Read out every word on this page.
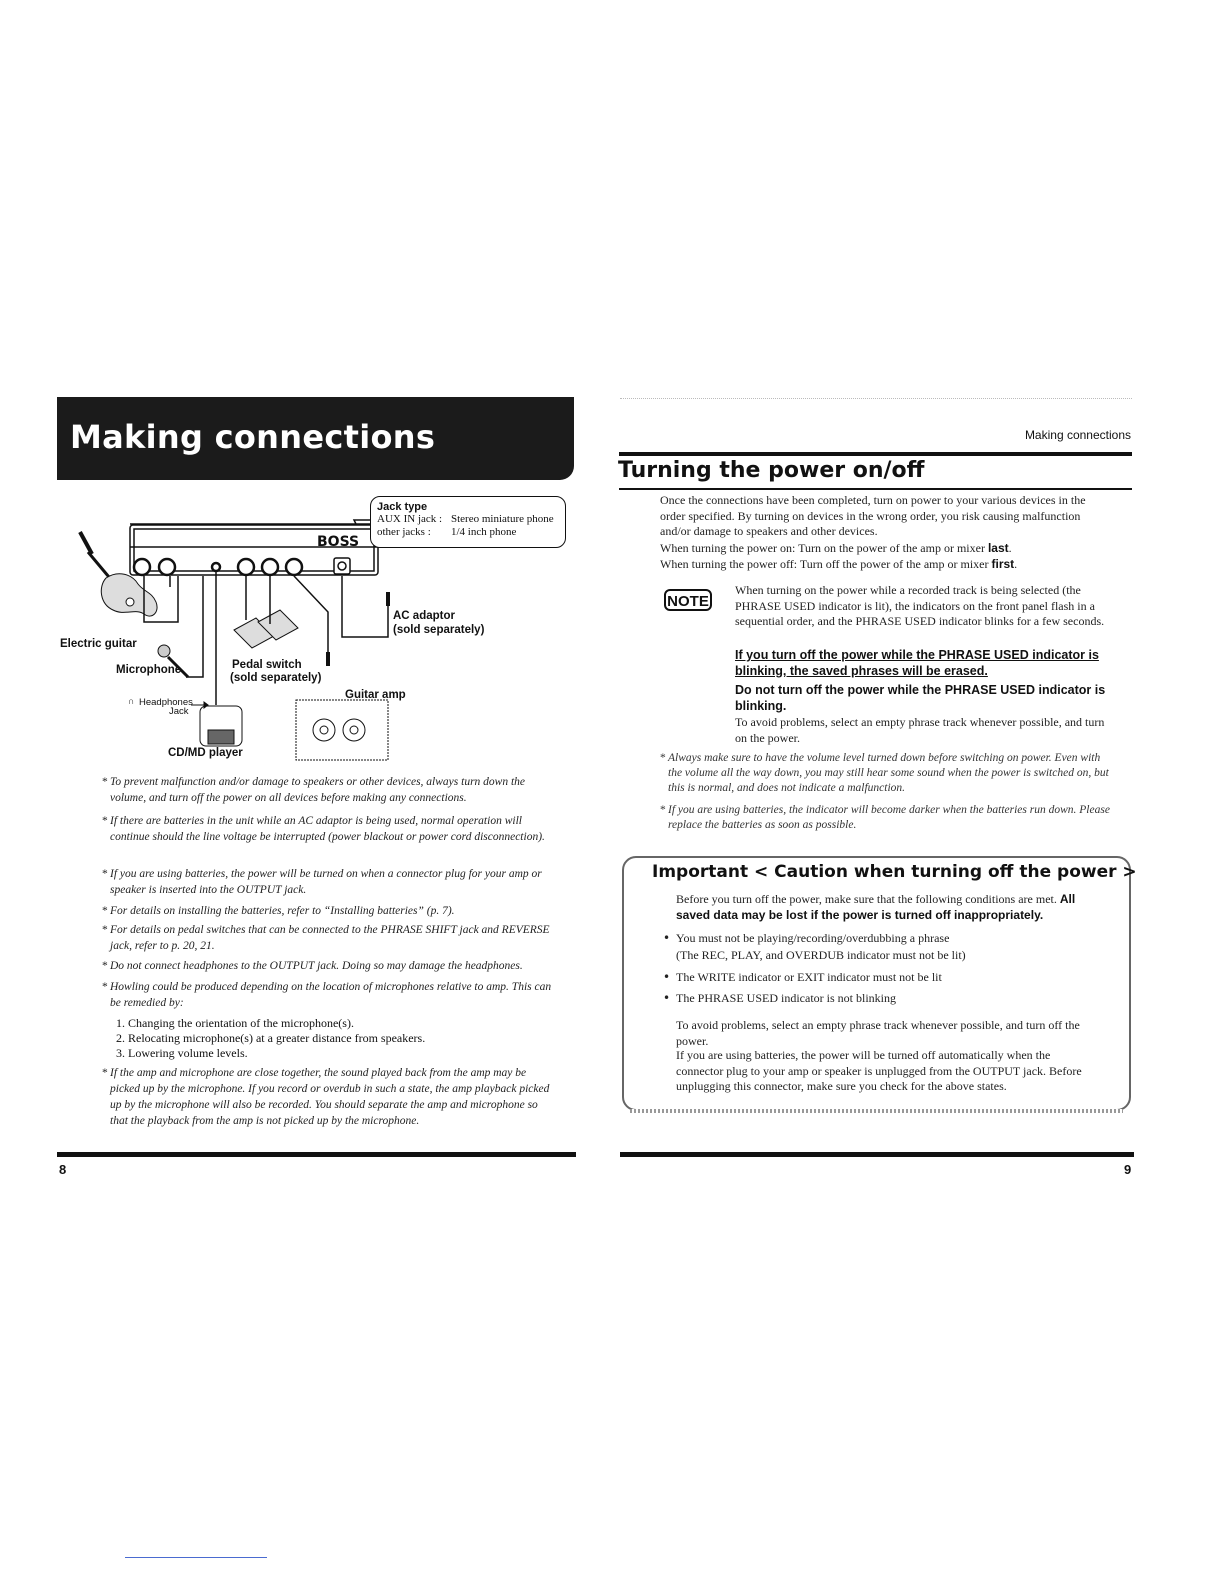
Making connections
BOSS
Jack type
AUX IN jack : Stereo miniature phone
other jacks :	1/4 inch phone
Electric guitar
Microphone	Pedal switch
(sold separately)
AC adaptor
(sold separately)
Guitar amp
∩ Headphones
Jack
CD/MD player
* To prevent malfunction and/or damage to speakers or other devices, always turn down the volume, and turn off the power on all devices before making any connections.
* If there are batteries in the unit while an AC adaptor is being used, normal operation will continue should the line voltage be interrupted (power blackout or power cord disconnection).
* If you are using batteries, the power will be turned on when a connector plug for your amp or speaker is inserted into the OUTPUT jack.
* For details on installing the batteries, refer to “Installing batteries” (p. 7).
* For details on pedal switches that can be connected to the PHRASE SHIFT jack and REVERSE jack, refer to p. 20, 21.
* Do not connect headphones to the OUTPUT jack. Doing so may damage the headphones.
* Howling could be produced depending on the location of microphones relative to amp. This can be remedied by:
1. Changing the orientation of the microphone(s).
2. Relocating microphone(s) at a greater distance from speakers.
3. Lowering volume levels.
* If the amp and microphone are close together, the sound played back from the amp may be picked up by the microphone. If you record or overdub in such a state, the amp playback picked up by the microphone will also be recorded. You should separate the amp and microphone so that the playback from the amp is not picked up by the microphone.
8
Making connections
Turning the power on/off
Once the connections have been completed, turn on power to your various devices in the order specified. By turning on devices in the wrong order, you risk causing malfunction and/or damage to speakers and other devices.
When turning the power on: Turn on the power of the amp or mixer last.
When turning the power off: Turn off the power of the amp or mixer first.
NOTE
When turning on the power while a recorded track is being selected (the PHRASE USED indicator is lit), the indicators on the front panel flash in a sequential order, and the PHRASE USED indicator blinks for a few seconds.
If you turn off the power while the PHRASE USED indicator is blinking, the saved phrases will be erased.
Do not turn off the power while the PHRASE USED indicator is blinking.
To avoid problems, select an empty phrase track whenever possible, and turn on the power.
* Always make sure to have the volume level turned down before switching on power. Even with the volume all the way down, you may still hear some sound when the power is switched on, but this is normal, and does not indicate a malfunction.
* If you are using batteries, the indicator will become darker when the batteries run down. Please replace the batteries as soon as possible.
Important < Caution when turning off the power >
Before you turn off the power, make sure that the following conditions are met. All saved data may be lost if the power is turned off inappropriately.
• You must not be playing/recording/overdubbing a phrase
(The REC, PLAY, and OVERDUB indicator must not be lit)
• The WRITE indicator or EXIT indicator must not be lit
• The PHRASE USED indicator is not blinking
To avoid problems, select an empty phrase track whenever possible, and turn off the power.
If you are using batteries, the power will be turned off automatically when the connector plug to your amp or speaker is unplugged from the OUTPUT jack. Before unplugging this connector, make sure you check for the above states.
9
